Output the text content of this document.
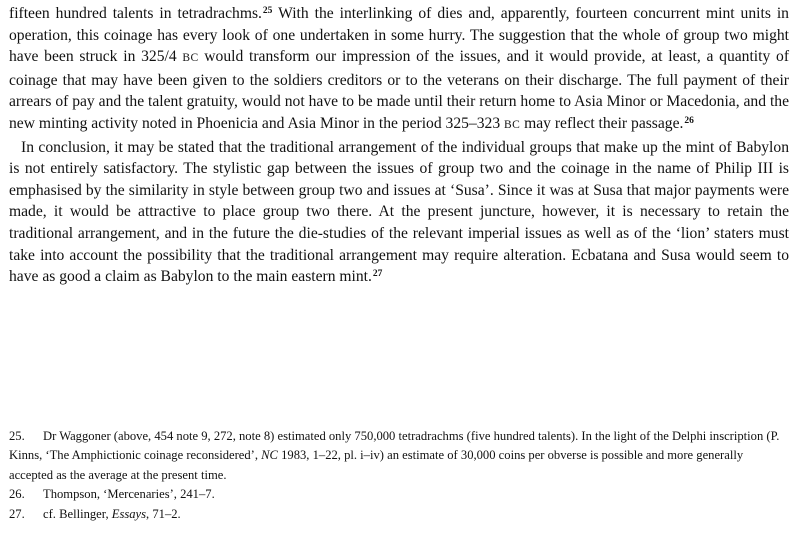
fifteen hundred talents in tetradrachms.$^{25}$ With the interlinking of dies and, apparently, fourteen concurrent mint units in operation, this coinage has every look of one undertaken in some hurry. The suggestion that the whole of group two might have been struck in 325/4 BC would transform our impression of the issues, and it would provide, at least, a quantity of coinage that may have been given to the soldiers creditors or to the veterans on their discharge. The full payment of their arrears of pay and the talent gratuity, would not have to be made until their return home to Asia Minor or Macedonia, and the new minting activity noted in Phoenicia and Asia Minor in the period 325–323 BC may reflect their passage.$^{26}$

In conclusion, it may be stated that the traditional arrangement of the individual groups that make up the mint of Babylon is not entirely satisfactory. The stylistic gap between the issues of group two and the coinage in the name of Philip III is emphasised by the similarity in style between group two and issues at ‘Susa’. Since it was at Susa that major payments were made, it would be attractive to place group two there. At the present juncture, however, it is necessary to retain the traditional arrangement, and in the future the die-studies of the relevant imperial issues as well as of the ‘lion’ staters must take into account the possibility that the traditional arrangement may require alteration. Ecbatana and Susa would seem to have as good a claim as Babylon to the main eastern mint.$^{27}$

25. Dr Waggoner (above, 454 note 9, 272, note 8) estimated only 750,000 tetradrachms (five hundred talents). In the light of the Delphi inscription (P. Kinns, ‘The Amphictionic coinage reconsidered’, NC 1983, 1–22, pl. i–iv) an estimate of 30,000 coins per obverse is possible and more generally accepted as the average at the present time.

26. Thompson, ‘Mercenaries’, 241–7.

27. cf. Bellinger, Essays, 71–2.
